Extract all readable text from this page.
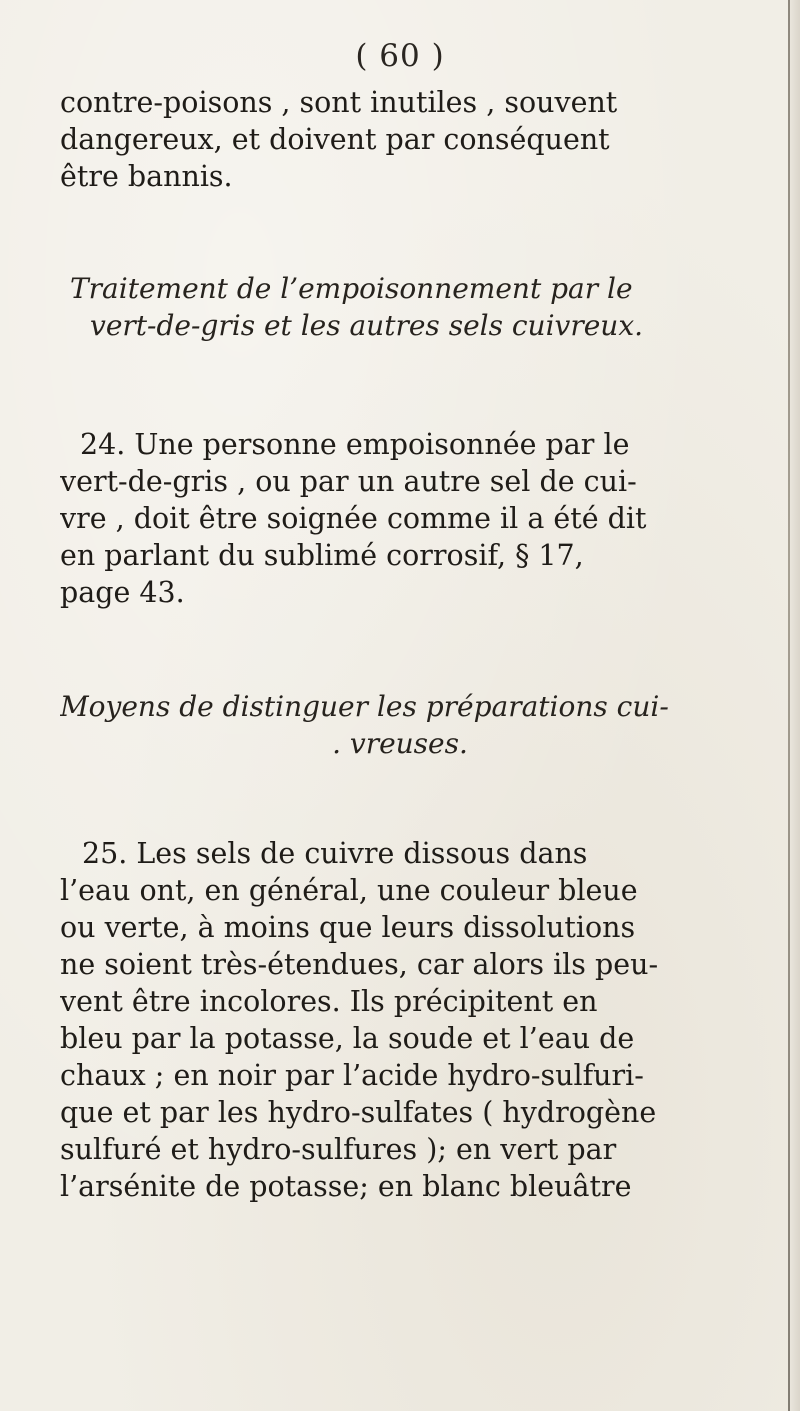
( 60 )
contre-poisons , sont inutiles , souvent
dangereux, et doivent par conséquent
être bannis.
Traitement de l’empoisonnement par le
vert-de-gris et les autres sels cuivreux.
24. Une personne empoisonnée par le
vert-de-gris , ou par un autre sel de cui-
vre , doit être soignée comme il a été dit
en parlant du sublimé corrosif, § 17,
page 43.
Moyens de distinguer les préparations cui-
. vreuses.
25. Les sels de cuivre dissous dans
l’eau ont, en général, une couleur bleue
ou verte, à moins que leurs dissolutions
ne soient très-étendues, car alors ils peu-
vent être incolores. Ils précipitent en
bleu par la potasse, la soude et l’eau de
chaux ; en noir par l’acide hydro-sulfuri-
que et par les hydro-sulfates ( hydrogène
sulfuré et hydro-sulfures ); en vert par
l’arsénite de potasse; en blanc bleuâtre
